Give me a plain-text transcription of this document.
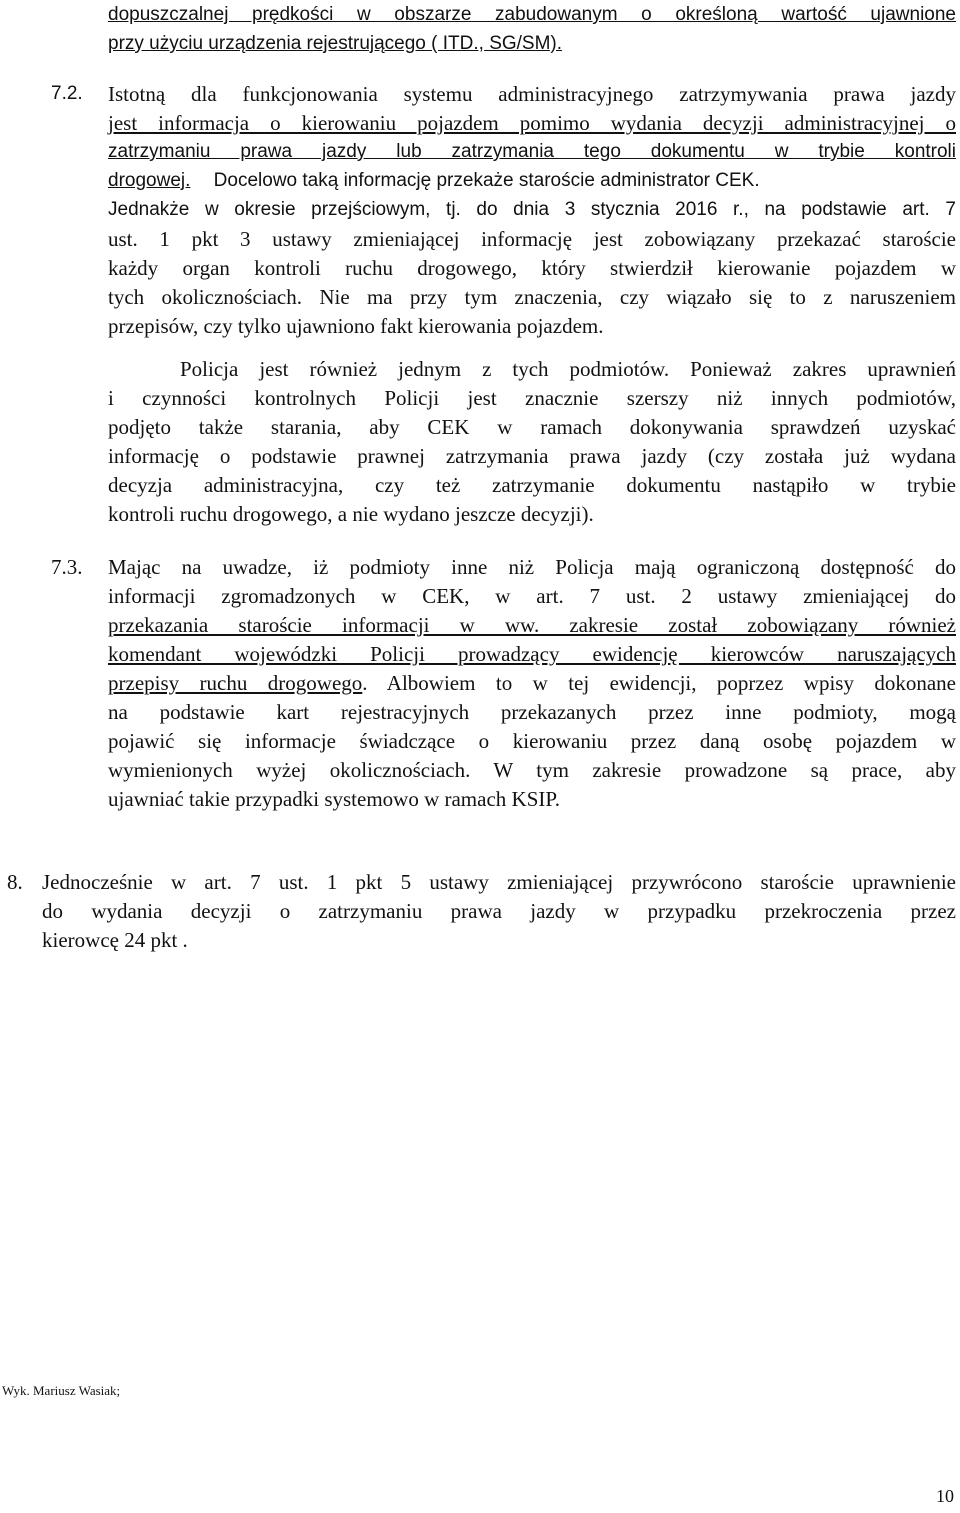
dopuszczalnej prędkości w obszarze zabudowanym o określoną wartość ujawnione
przy użyciu urządzenia rejestrującego ( ITD., SG/SM).
7.2. Istotną dla funkcjonowania systemu administracyjnego zatrzymywania prawa jazdy
jest informacja o kierowaniu pojazdem pomimo wydania decyzji administracyjnej o
zatrzymaniu prawa jazdy lub zatrzymania tego dokumentu w trybie kontroli
drogowej. Docelowo taką informację przekaże staroście administrator CEK.
Jednakże w okresie przejściowym, tj. do dnia 3 stycznia 2016 r., na podstawie art. 7
ust. 1 pkt 3 ustawy zmieniającej informację jest zobowiązany przekazać staroście
każdy organ kontroli ruchu drogowego, który stwierdził kierowanie pojazdem w
tych okolicznościach. Nie ma przy tym znaczenia, czy wiązało się to z naruszeniem
przepisów, czy tylko ujawniono fakt kierowania pojazdem.
Policja jest również jednym z tych podmiotów. Ponieważ zakres uprawnień
i czynności kontrolnych Policji jest znacznie szerszy niż innych podmiotów,
podjęto także starania, aby CEK w ramach dokonywania sprawdzeń uzyskać
informację o podstawie prawnej zatrzymania prawa jazdy (czy została już wydana
decyzja administracyjna, czy też zatrzymanie dokumentu nastąpiło w trybie
kontroli ruchu drogowego, a nie wydano jeszcze decyzji).
7.3. Mając na uwadze, iż podmioty inne niż Policja mają ograniczoną dostępność do
informacji zgromadzonych w CEK, w art. 7 ust. 2 ustawy zmieniającej do
przekazania staroście informacji w ww. zakresie został zobowiązany również
komendant wojewódzki Policji prowadzący ewidencję kierowców naruszających
przepisy ruchu drogowego. Albowiem to w tej ewidencji, poprzez wpisy dokonane
na podstawie kart rejestracyjnych przekazanych przez inne podmioty, mogą
pojawić się informacje świadczące o kierowaniu przez daną osobę pojazdem w
wymienionych wyżej okolicznościach. W tym zakresie prowadzone są prace, aby
ujawniać takie przypadki systemowo w ramach KSIP.
8. Jednocześnie w art. 7 ust. 1 pkt 5 ustawy zmieniającej przywrócono staroście uprawnienie
do wydania decyzji o zatrzymaniu prawa jazdy w przypadku przekroczenia przez
kierowcę 24 pkt .
Wyk. Mariusz Wasiak;
10
